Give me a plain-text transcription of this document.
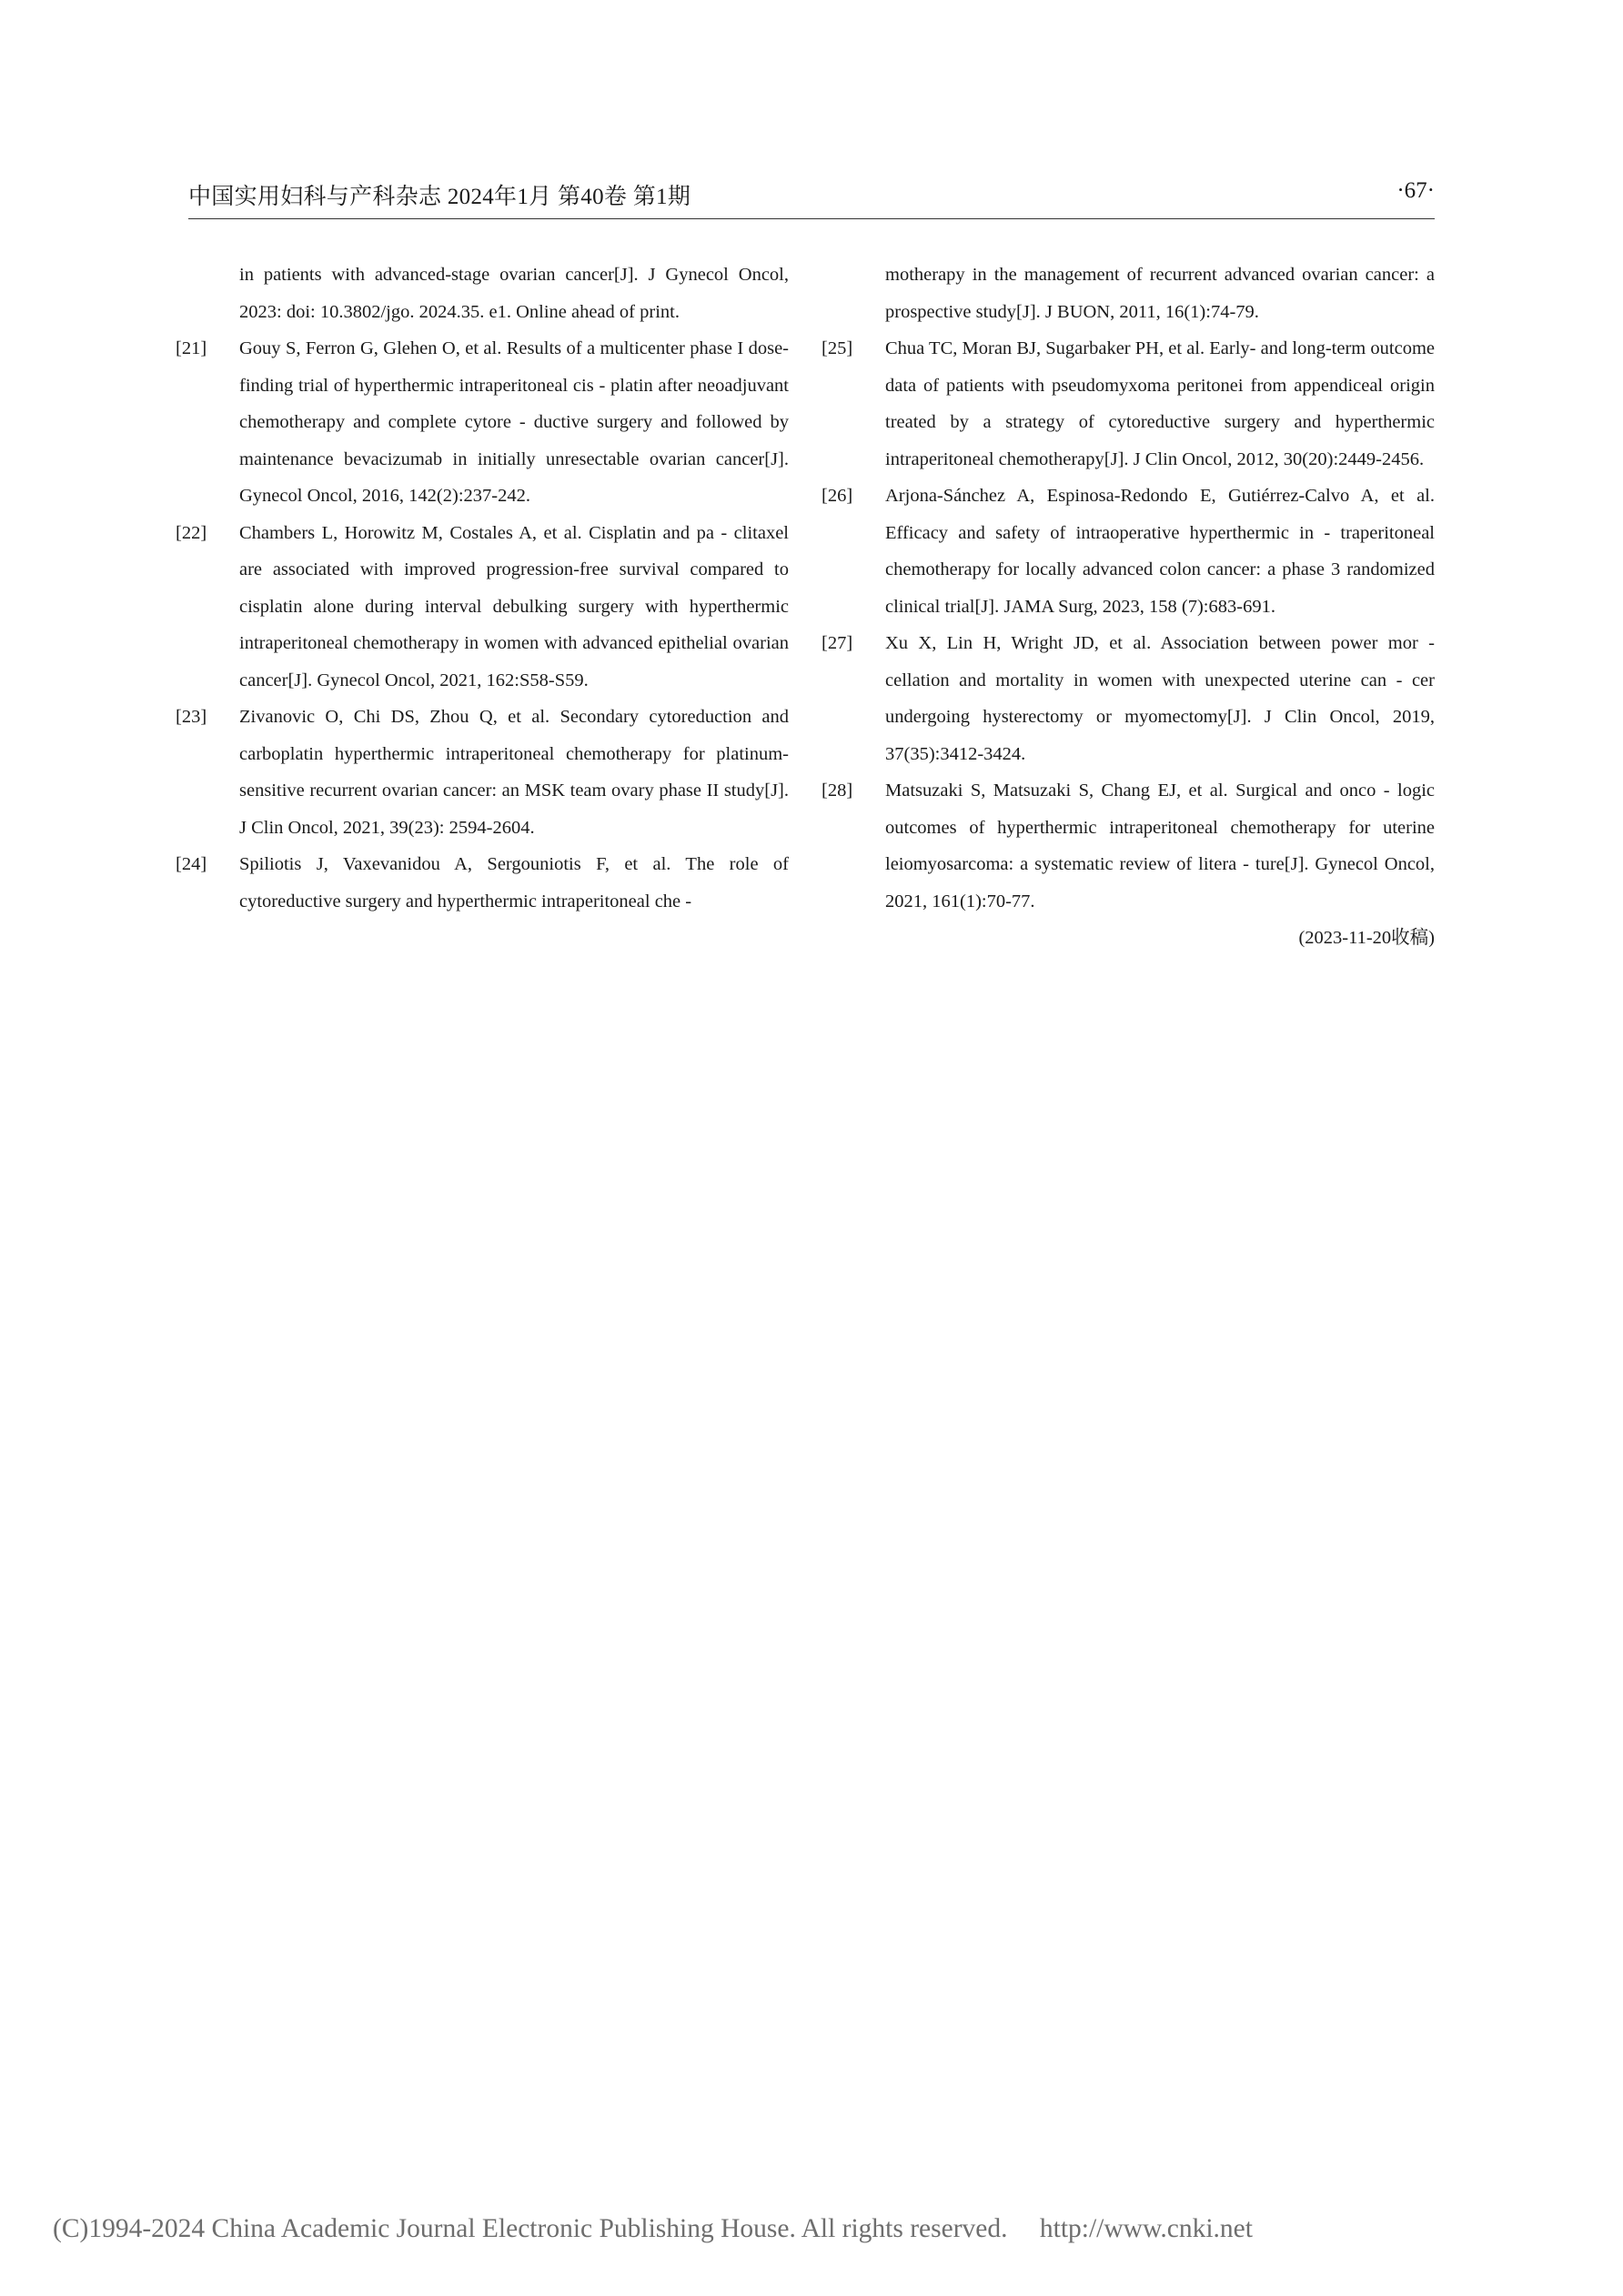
中国实用妇科与产科杂志 2024年1月 第40卷 第1期	·67·
in patients with advanced-stage ovarian cancer[J]. J Gynecol Oncol, 2023: doi: 10.3802/jgo. 2024.35. e1. Online ahead of print.
[21] Gouy S, Ferron G, Glehen O, et al. Results of a multicenter phase I dose-finding trial of hyperthermic intraperitoneal cis - platin after neoadjuvant chemotherapy and complete cytore - ductive surgery and followed by maintenance bevacizumab in initially unresectable ovarian cancer[J]. Gynecol Oncol, 2016, 142(2):237-242.
[22] Chambers L, Horowitz M, Costales A, et al. Cisplatin and pa - clitaxel are associated with improved progression-free survival compared to cisplatin alone during interval debulking surgery with hyperthermic intraperitoneal chemotherapy in women with advanced epithelial ovarian cancer[J]. Gynecol Oncol, 2021, 162:S58-S59.
[23] Zivanovic O, Chi DS, Zhou Q, et al. Secondary cytoreduction and carboplatin hyperthermic intraperitoneal chemotherapy for platinum-sensitive recurrent ovarian cancer: an MSK team ovary phase II study[J]. J Clin Oncol, 2021, 39(23): 2594-2604.
[24] Spiliotis J, Vaxevanidou A, Sergouniotis F, et al. The role of cytoreductive surgery and hyperthermic intraperitoneal che -
motherapy in the management of recurrent advanced ovarian cancer: a prospective study[J]. J BUON, 2011, 16(1):74-79.
[25] Chua TC, Moran BJ, Sugarbaker PH, et al. Early- and long-term outcome data of patients with pseudomyxoma peritonei from appendiceal origin treated by a strategy of cytoreductive surgery and hyperthermic intraperitoneal chemotherapy[J]. J Clin Oncol, 2012, 30(20):2449-2456.
[26] Arjona-Sánchez A, Espinosa-Redondo E, Gutiérrez-Calvo A, et al. Efficacy and safety of intraoperative hyperthermic in - traperitoneal chemotherapy for locally advanced colon cancer: a phase 3 randomized clinical trial[J]. JAMA Surg, 2023, 158 (7):683-691.
[27] Xu X, Lin H, Wright JD, et al. Association between power mor - cellation and mortality in women with unexpected uterine can - cer undergoing hysterectomy or myomectomy[J]. J Clin Oncol, 2019, 37(35):3412-3424.
[28] Matsuzaki S, Matsuzaki S, Chang EJ, et al. Surgical and onco - logic outcomes of hyperthermic intraperitoneal chemotherapy for uterine leiomyosarcoma: a systematic review of litera - ture[J]. Gynecol Oncol, 2021, 161(1):70-77.
(2023-11-20收稿)
(C)1994-2024 China Academic Journal Electronic Publishing House. All rights reserved. http://www.cnki.net
